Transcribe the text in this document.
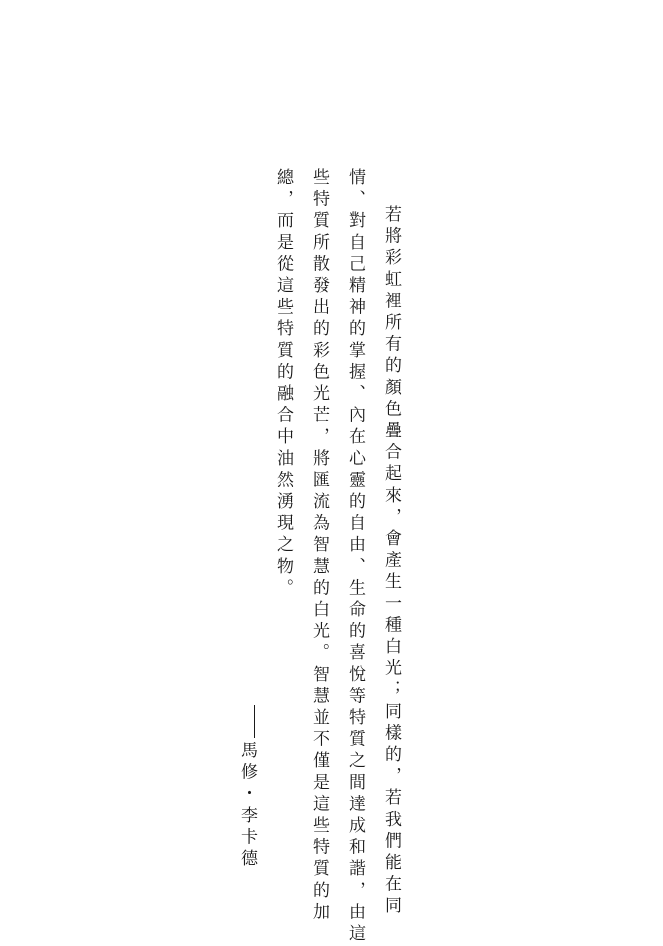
若將彩虹裡所有的顏色疊合起來，會產生一種白光；同樣的，若我們能在同
情、對自己精神的掌握、內在心靈的自由、生命的喜悅等特質之間達成和諧，由這
些特質所散發出的彩色光芒，將匯流為智慧的白光。智慧並不僅是這些特質的加
總，而是從這些特質的融合中油然湧現之物。
馬修・李卡德
